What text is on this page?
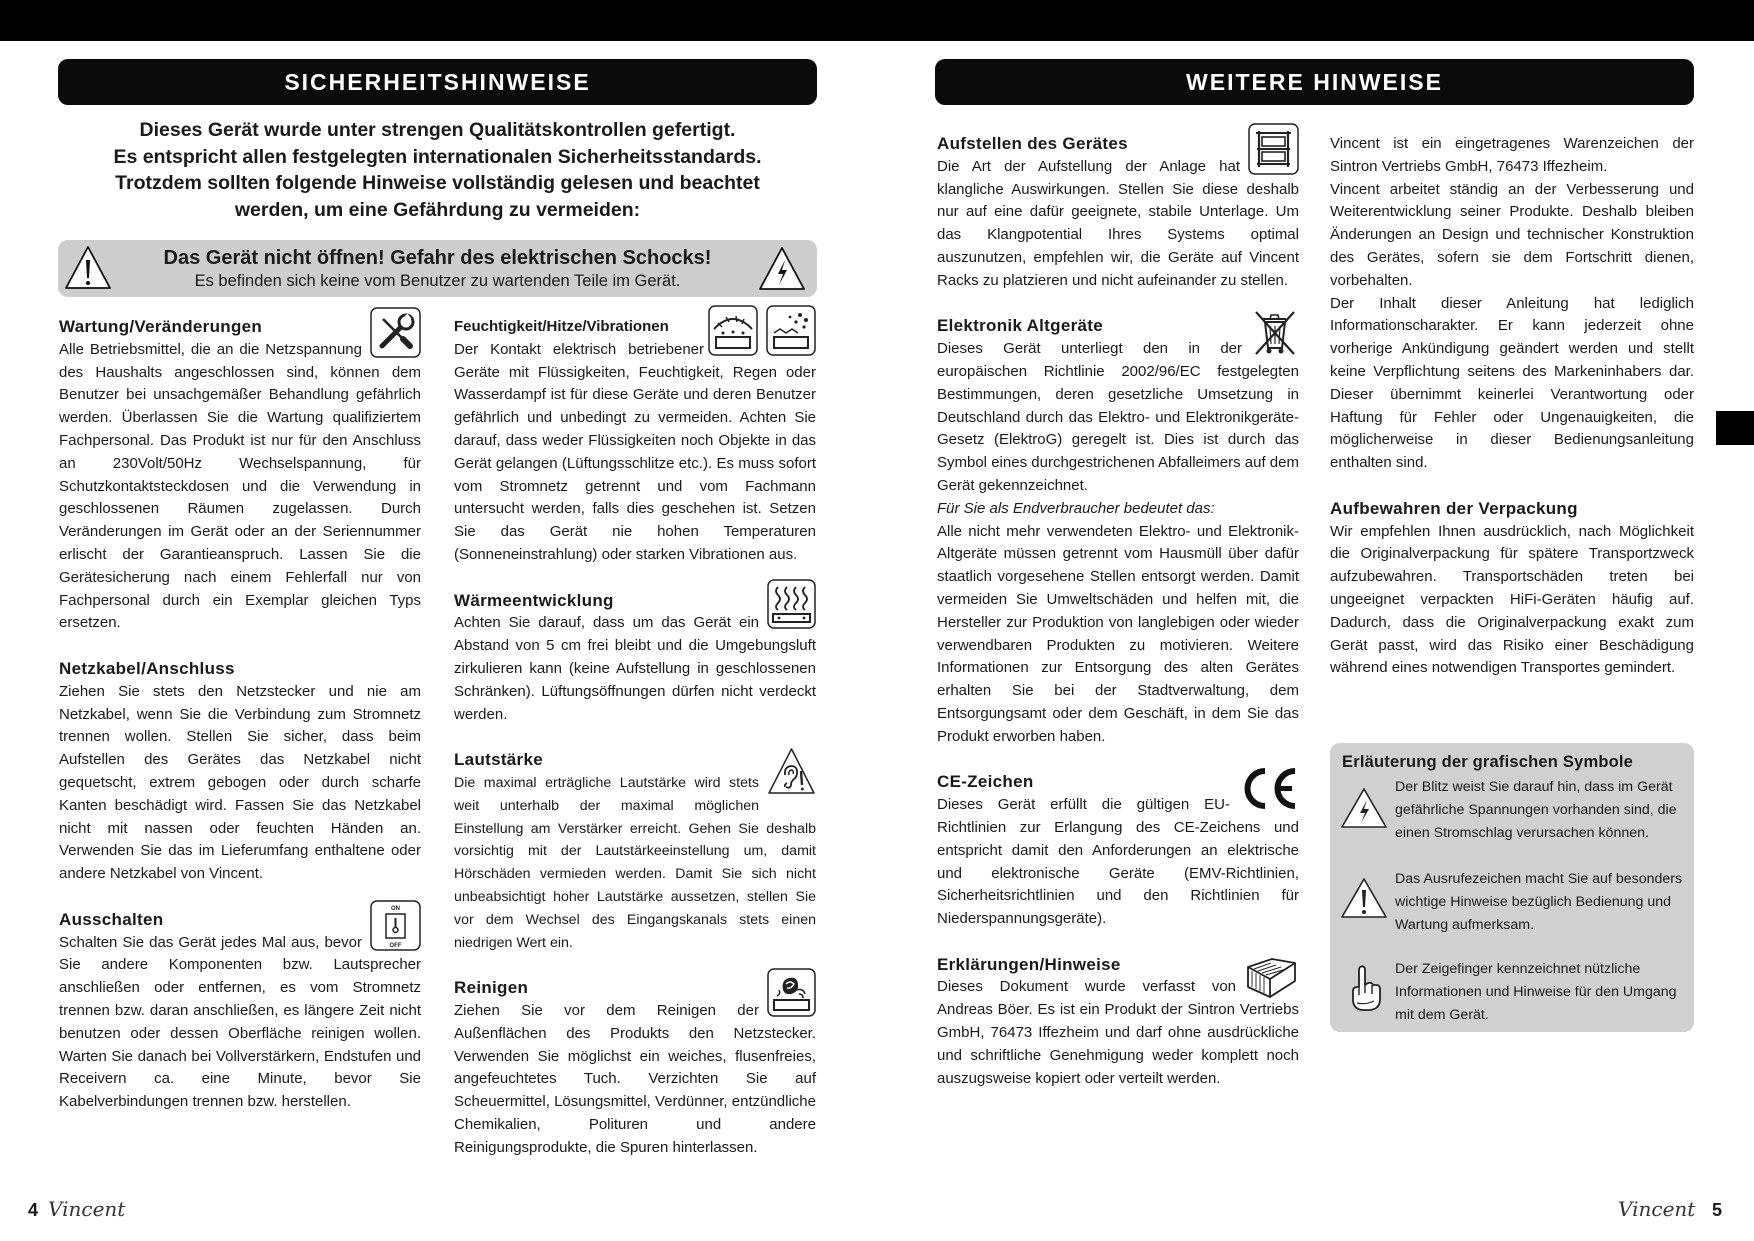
SICHERHEITSHINWEISE
Dieses Gerät wurde unter strengen Qualitätskontrollen gefertigt.
Es entspricht allen festgelegten internationalen Sicherheitsstandards.
Trotzdem sollten folgende Hinweise vollständig gelesen und beachtet
werden, um eine Gefährdung zu vermeiden:
Das Gerät nicht öffnen! Gefahr des elektrischen Schocks!
Es befinden sich keine vom Benutzer zu wartenden Teile im Gerät.
Wartung/Veränderungen

Alle Betriebsmittel, die an die Netzspannung des Haushalts angeschlossen sind, können dem Benutzer bei unsachgemäßer Behandlung gefährlich werden. Überlassen Sie die Wartung qualifiziertem Fachpersonal. Das Produkt ist nur für den Anschluss an 230Volt/50Hz Wechselspannung, für Schutzkontaktsteckdosen und die Verwendung in geschlossenen Räumen zugelassen. Durch Veränderungen im Gerät oder an der Seriennummer erlischt der Garantieanspruch. Lassen Sie die Gerätesicherung nach einem Fehlerfall nur von Fachpersonal durch ein Exemplar gleichen Typs ersetzen.

Netzkabel/Anschluss

Ziehen Sie stets den Netzstecker und nie am Netzkabel, wenn Sie die Verbindung zum Stromnetz trennen wollen. Stellen Sie sicher, dass beim Aufstellen des Gerätes das Netzkabel nicht gequetscht, extrem gebogen oder durch scharfe Kanten beschädigt wird. Fassen Sie das Netzkabel nicht mit nassen oder feuchten Händen an. Verwenden Sie das im Lieferumfang enthaltene oder andere Netzkabel von Vincent.

ON
OFF
Ausschalten

Schalten Sie das Gerät jedes Mal aus, bevor Sie andere Komponenten bzw. Lautsprecher anschließen oder entfernen, es vom Stromnetz trennen bzw. daran anschließen, es längere Zeit nicht benutzen oder dessen Oberfläche reinigen wollen. Warten Sie danach bei Vollverstärkern, Endstufen und Receivern ca. eine Minute, bevor Sie Kabelverbindungen trennen bzw. herstellen.

Feuchtigkeit/Hitze/Vibrationen

Der Kontakt elektrisch betriebener Geräte mit Flüssigkeiten, Feuchtigkeit, Regen oder Wasserdampf ist für diese Geräte und deren Benutzer gefährlich und unbedingt zu vermeiden. Achten Sie darauf, dass weder Flüssigkeiten noch Objekte in das Gerät gelangen (Lüftungsschlitze etc.). Es muss sofort vom Stromnetz getrennt und vom Fachmann untersucht werden, falls dies geschehen ist. Setzen Sie das Gerät nie hohen Temperaturen (Sonneneinstrahlung) oder starken Vibrationen aus.

Wärmeentwicklung

Achten Sie darauf, dass um das Gerät ein Abstand von 5 cm frei bleibt und die Umgebungsluft zirkulieren kann (keine Aufstellung in geschlossenen Schränken). Lüftungsöffnungen dürfen nicht verdeckt werden.

Lautstärke

Die maximal erträgliche Lautstärke wird stets weit unterhalb der maximal möglichen Einstellung am Verstärker erreicht. Gehen Sie deshalb vorsichtig mit der Lautstärkeeinstellung um, damit Hörschäden vermieden werden. Damit Sie sich nicht unbeabsichtigt hoher Lautstärke aussetzen, stellen Sie vor dem Wechsel des Eingangskanals stets einen niedrigen Wert ein.

Reinigen

Ziehen Sie vor dem Reinigen der Außenflächen des Produkts den Netzstecker. Verwenden Sie möglichst ein weiches, flusenfreies, angefeuchtetes Tuch. Verzichten Sie auf Scheuermittel, Lösungsmittel, Verdünner, entzündliche Chemikalien, Polituren und andere Reinigungsprodukte, die Spuren hinterlassen.

WEITERE HINWEISE
Aufstellen des Gerätes

Die Art der Aufstellung der Anlage hat klangliche Auswirkungen. Stellen Sie diese deshalb nur auf eine dafür geeignete, stabile Unterlage. Um das Klangpotential Ihres Systems optimal auszunutzen, empfehlen wir, die Geräte auf Vincent Racks zu platzieren und nicht aufeinander zu stellen.

Elektronik Altgeräte

Dieses Gerät unterliegt den in der europäischen Richtlinie 2002/96/EC festgelegten Bestimmungen, deren gesetzliche Umsetzung in Deutschland durch das Elektro- und Elektronikgeräte-Gesetz (ElektroG) geregelt ist. Dies ist durch das Symbol eines durchgestrichenen Abfalleimers auf dem Gerät gekennzeichnet.

Für Sie als Endverbraucher bedeutet das:

Alle nicht mehr verwendeten Elektro- und Elektronik-Altgeräte müssen getrennt vom Hausmüll über dafür staatlich vorgesehene Stellen entsorgt werden. Damit vermeiden Sie Umweltschäden und helfen mit, die Hersteller zur Produktion von langlebigen oder wieder verwendbaren Produkten zu motivieren. Weitere Informationen zur Entsorgung des alten Gerätes erhalten Sie bei der Stadtverwaltung, dem Entsorgungsamt oder dem Geschäft, in dem Sie das Produkt erworben haben.

CE-Zeichen

Dieses Gerät erfüllt die gültigen EU-Richtlinien zur Erlangung des CE-Zeichens und entspricht damit den Anforderungen an elektrische und elektronische Geräte (EMV-Richtlinien, Sicherheitsrichtlinien und den Richtlinien für Niederspannungsgeräte).

Erklärungen/Hinweise

Dieses Dokument wurde verfasst von Andreas Böer. Es ist ein Produkt der Sintron Vertriebs GmbH, 76473 Iffezheim und darf ohne ausdrückliche und schriftliche Genehmigung weder komplett noch auszugsweise kopiert oder verteilt werden.

Vincent ist ein eingetragenes Warenzeichen der Sintron Vertriebs GmbH, 76473 Iffezheim.

Vincent arbeitet ständig an der Verbesserung und Weiterentwicklung seiner Produkte. Deshalb bleiben Änderungen an Design und technischer Konstruktion des Gerätes, sofern sie dem Fortschritt dienen, vorbehalten.

Der Inhalt dieser Anleitung hat lediglich Informationscharakter. Er kann jederzeit ohne vorherige Ankündigung geändert werden und stellt keine Verpflichtung seitens des Markeninhabers dar. Dieser übernimmt keinerlei Verantwortung oder Haftung für Fehler oder Ungenauigkeiten, die möglicherweise in dieser Bedienungsanleitung enthalten sind.

Aufbewahren der Verpackung

Wir empfehlen Ihnen ausdrücklich, nach Möglichkeit die Originalverpackung für spätere Transportzweck aufzubewahren. Transportschäden treten bei ungeeignet verpackten HiFi-Geräten häufig auf. Dadurch, dass die Originalverpackung exakt zum Gerät passt, wird das Risiko einer Beschädigung während eines notwendigen Transportes gemindert.

Erläuterung der grafischen Symbole
Der Blitz weist Sie darauf hin, dass im Gerät gefährliche Spannungen vorhanden sind, die einen Stromschlag verursachen können.
Das Ausrufezeichen macht Sie auf besonders wichtige Hinweise bezüglich Bedienung und Wartung aufmerksam.
Der Zeigefinger kennzeichnet nützliche Informationen und Hinweise für den Umgang mit dem Gerät.
4 Vincent	Vincent 5
